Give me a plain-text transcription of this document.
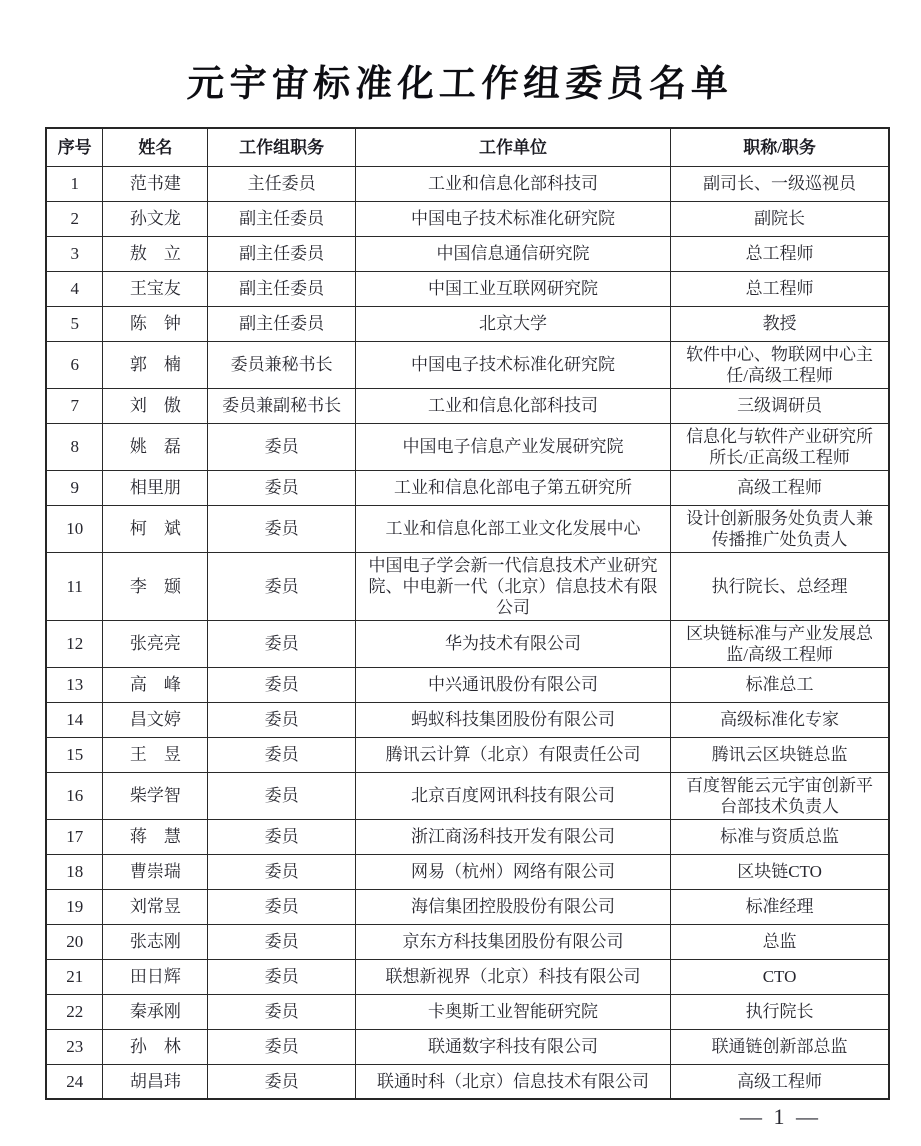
元宇宙标准化工作组委员名单
序号	姓名	工作组职务	工作单位	职称/职务
1	范书建	主任委员	工业和信息化部科技司	副司长、一级巡视员
2	孙文龙	副主任委员	中国电子技术标准化研究院	副院长
3	敖　立	副主任委员	中国信息通信研究院	总工程师
4	王宝友	副主任委员	中国工业互联网研究院	总工程师
5	陈　钟	副主任委员	北京大学	教授
6	郭　楠	委员兼秘书长	中国电子技术标准化研究院	软件中心、物联网中心主任/高级工程师
7	刘　傲	委员兼副秘书长	工业和信息化部科技司	三级调研员
8	姚　磊	委员	中国电子信息产业发展研究院	信息化与软件产业研究所所长/正高级工程师
9	相里朋	委员	工业和信息化部电子第五研究所	高级工程师
10	柯　斌	委员	工业和信息化部工业文化发展中心	设计创新服务处负责人兼传播推广处负责人
11	李　颋	委员	中国电子学会新一代信息技术产业研究院、中电新一代（北京）信息技术有限公司	执行院长、总经理
12	张亮亮	委员	华为技术有限公司	区块链标准与产业发展总监/高级工程师
13	高　峰	委员	中兴通讯股份有限公司	标准总工
14	昌文婷	委员	蚂蚁科技集团股份有限公司	高级标准化专家
15	王　昱	委员	腾讯云计算（北京）有限责任公司	腾讯云区块链总监
16	柴学智	委员	北京百度网讯科技有限公司	百度智能云元宇宙创新平台部技术负责人
17	蒋　慧	委员	浙江商汤科技开发有限公司	标准与资质总监
18	曹崇瑞	委员	网易（杭州）网络有限公司	区块链CTO
19	刘常昱	委员	海信集团控股股份有限公司	标准经理
20	张志刚	委员	京东方科技集团股份有限公司	总监
21	田日辉	委员	联想新视界（北京）科技有限公司	CTO
22	秦承刚	委员	卡奥斯工业智能研究院	执行院长
23	孙　林	委员	联通数字科技有限公司	联通链创新部总监
24	胡昌玮	委员	联通时科（北京）信息技术有限公司	高级工程师
— 1 —
